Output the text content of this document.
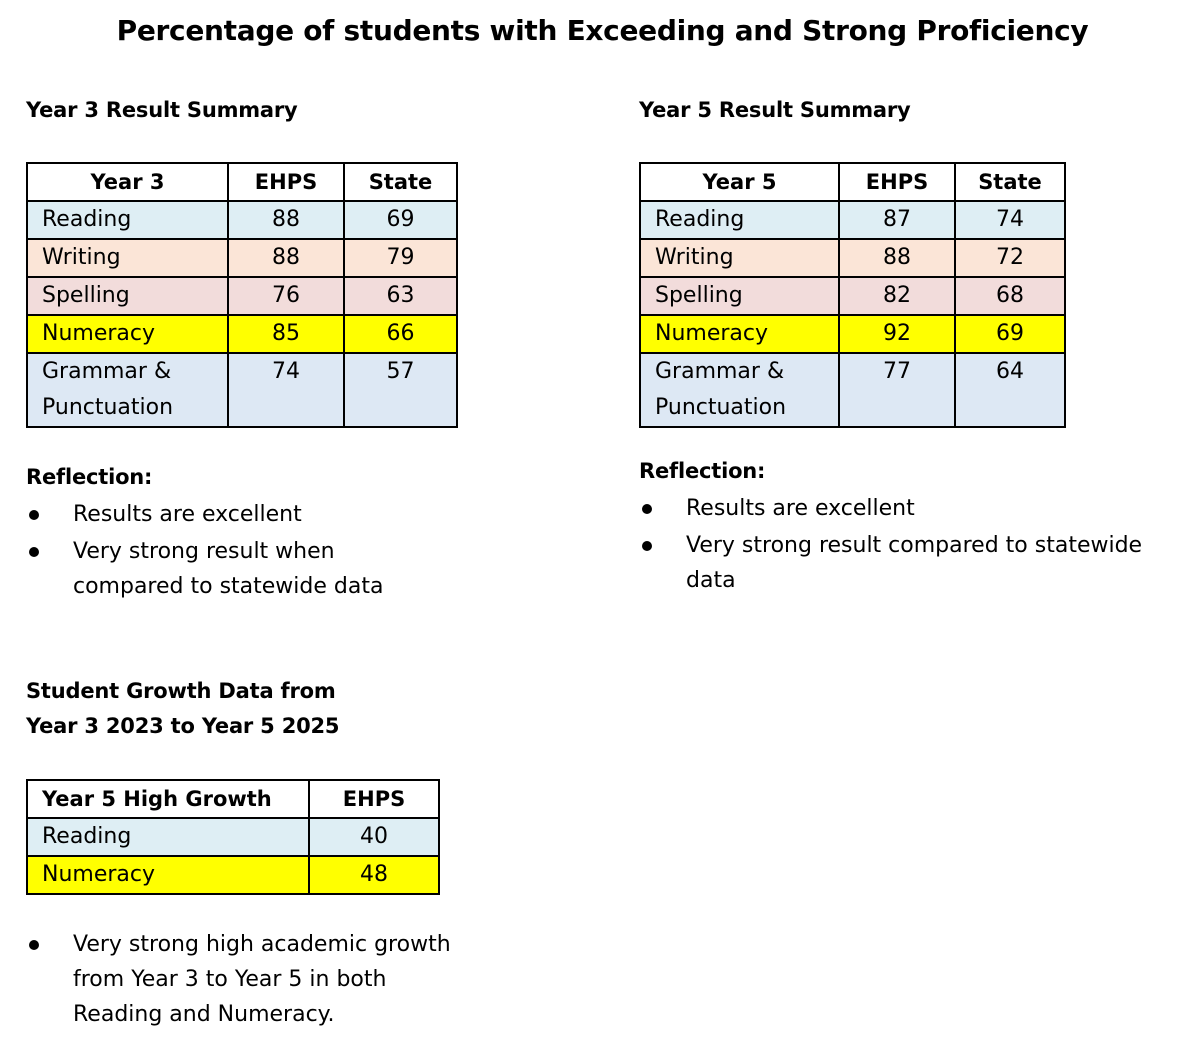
Percentage of students with Exceeding and Strong Proficiency
Year 3 Result Summary
Year 3	EHPS	State
Reading	88	69
Writing	88	79
Spelling	76	63
Numeracy	85	66
Grammar & Punctuation	74	57
Reflection:
Results are excellent
Very strong result when compared to statewide data
Year 5 Result Summary
Year 5	EHPS	State
Reading	87	74
Writing	88	72
Spelling	82	68
Numeracy	92	69
Grammar & Punctuation	77	64
Reflection:
Results are excellent
Very strong result compared to statewide data
Student Growth Data from
Year 3 2023 to Year 5 2025
Year 5 High Growth	EHPS
Reading	40
Numeracy	48
Very strong high academic growth from Year 3 to Year 5 in both Reading and Numeracy.
